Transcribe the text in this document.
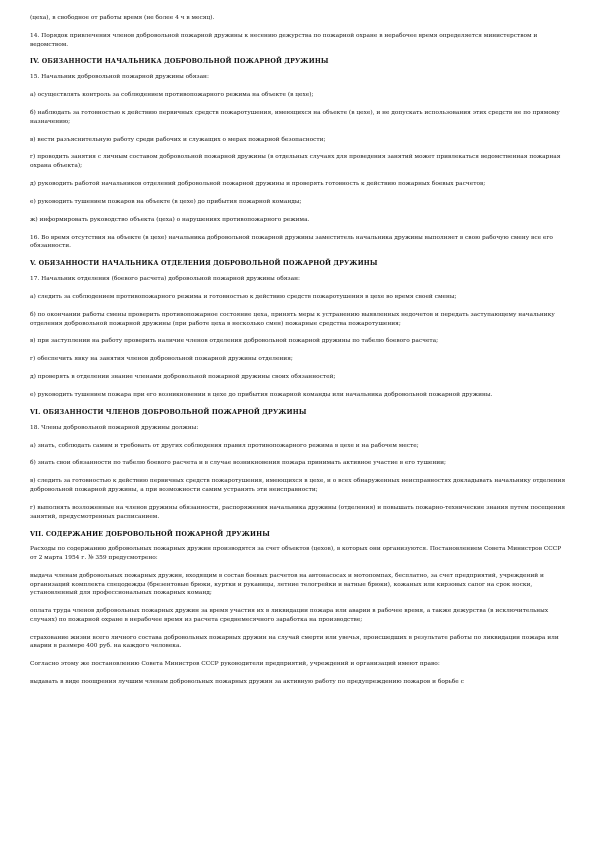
(цеха), в свободное от работы время (не более 4 ч в месяц).

14. Порядок привлечения членов добровольной пожарной дружины к несению дежурства по пожарной охране в нерабочее время определяется министерством и ведомством.

IV. ОБЯЗАННОСТИ НАЧАЛЬНИКА ДОБРОВОЛЬНОЙ ПОЖАРНОЙ ДРУЖИНЫ

15. Начальник добровольной пожарной дружины обязан:

а) осуществлять контроль за соблюдением противопожарного режима на объекте (в цехе);

б) наблюдать за готовностью к действию первичных средств пожаротушения, имеющихся на объекте (в цехе), и не допускать использования этих средств не по прямому назначению;

в) вести разъяснительную работу среди рабочих и служащих о мерах пожарной безопасности;

г) проводить занятия с личным составом добровольной пожарной дружины (в отдельных случаях для проведения занятий может привлекаться ведомственная пожарная охрана объекта);

д) руководить работой начальников отделений добровольной пожарной дружины и проверять готовность к действию пожарных боевых расчетов;

е) руководить тушением пожаров на объекте (в цехе) до прибытия пожарной команды;

ж) информировать руководство объекта (цеха) о нарушениях противопожарного режима.

16. Во время отсутствия на объекте (в цехе) начальника добровольной пожарной дружины заместитель начальника дружины выполняет в свою рабочую смену все его обязанности.

V. ОБЯЗАННОСТИ НАЧАЛЬНИКА ОТДЕЛЕНИЯ ДОБРОВОЛЬНОЙ ПОЖАРНОЙ ДРУЖИНЫ

17. Начальник отделения (боевого расчета) добровольной пожарной дружины обязан:

а) следить за соблюдением противопожарного режима и готовностью к действию средств пожаротушения в цехе во время своей смены;

б) по окончании работы смены проверить противопожарное состояние цеха, принять меры к устранению выявленных недочетов и передать заступающему начальнику отделения добровольной пожарной дружины (при работе цеха в несколько смен) пожарные средства пожаротушения;

в) при заступлении на работу проверить наличие членов отделения добровольной пожарной дружины по табелю боевого расчета;

г) обеспечить явку на занятия членов добровольной пожарной дружины отделения;

д) проверять в отделении знание членами добровольной пожарной дружины своих обязанностей;

е) руководить тушением пожара при его возникновении в цехе до прибытия пожарной команды или начальника добровольной пожарной дружины.

VI. ОБЯЗАННОСТИ ЧЛЕНОВ ДОБРОВОЛЬНОЙ ПОЖАРНОЙ ДРУЖИНЫ

18. Члены добровольной пожарной дружины должны:

а) знать, соблюдать самим и требовать от других соблюдения правил противопожарного режима в цехе и на рабочем месте;

б) знать свои обязанности по табелю боевого расчета и в случае возникновения пожара принимать активное участие в его тушении;

в) следить за готовностью к действию первичных средств пожаротушения, имеющихся в цехе, и о всех обнаруженных неисправностях докладывать начальнику отделения добровольной пожарной дружины, а при возможности самим устранять эти неисправности;

г) выполнять возложенные на членов дружины обязанности, распоряжения начальника дружины (отделения) и повышать пожарно-технические знания путем посещения занятий, предусмотренных расписанием.

VII. СОДЕРЖАНИЕ ДОБРОВОЛЬНОЙ ПОЖАРНОЙ ДРУЖИНЫ

Расходы по содержанию добровольных пожарных дружин производятся за счет объектов (цехов), в которых они организуются. Постановлением Совета Министров СССР от 2 марта 1954 г. № 359 предусмотрено:

выдача членам добровольных пожарных дружин, входящим в состав боевых расчетов на автонасосах и мотопомпах, бесплатно, за счет предприятий, учреждений и организаций комплекта спецодежды (брезентовые брюки, куртки и рукавицы, летние телогрейки и ватные брюки), кожаных или кирзовых сапог на срок носки, установленный для профессиональных пожарных команд;

оплата труда членов добровольных пожарных дружин за время участия их в ликвидации пожара или аварии в рабочее время, а также дежурства (в исключительных случаях) по пожарной охране в нерабочее время из расчета среднемесячного заработка на производстве;

страхование жизни всего личного состава добровольных пожарных дружин на случай смерти или увечья, происшедших в результате работы по ликвидации пожара или аварии в размере 400 руб. на каждого человека.

Согласно этому же постановлению Совета Министров СССР руководители предприятий, учреждений и организаций имеют право:

выдавать в виде поощрения лучшим членам добровольных пожарных дружин за активную работу по предупреждению пожаров и борьбе с
